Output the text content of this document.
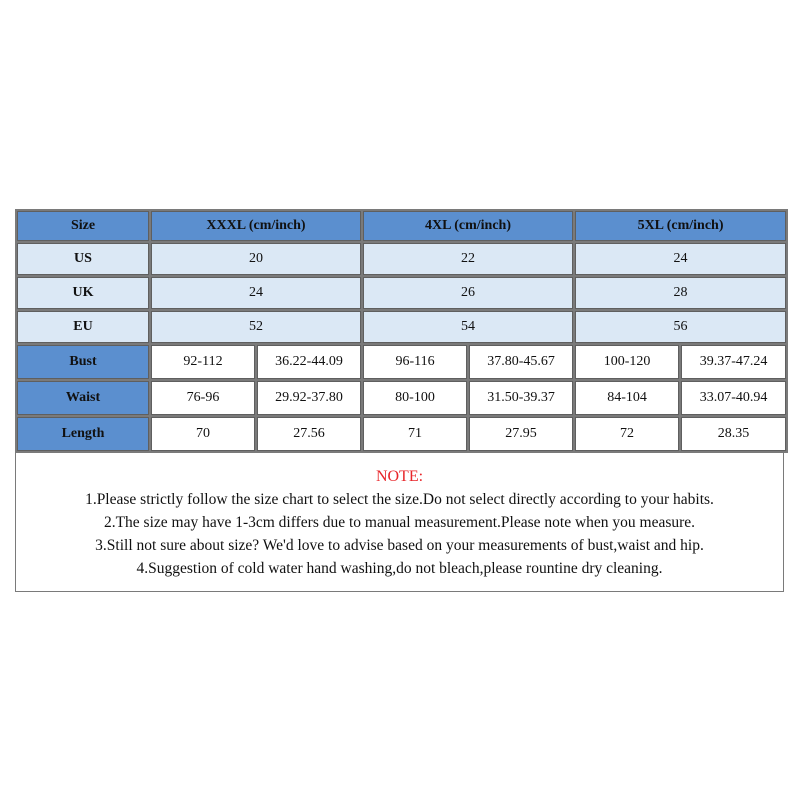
Size	XXXL (cm/inch)		4XL (cm/inch)		5XL (cm/inch)	
US	20		22		24	
UK	24		26		28	
EU	52		54		56	
Bust	92-112	36.22-44.09	96-116	37.80-45.67	100-120	39.37-47.24
Waist	76-96	29.92-37.80	80-100	31.50-39.37	84-104	33.07-40.94
Length	70	27.56	71	27.95	72	28.35
NOTE:
1.Please strictly follow the size chart to select the size.Do not select directly according to your habits.
2.The size may have 1-3cm differs due to manual measurement.Please note when you measure.
3.Still not sure about size? We'd love to advise based on your measurements of bust,waist and hip.
4.Suggestion of cold water hand washing,do not bleach,please rountine dry cleaning.
